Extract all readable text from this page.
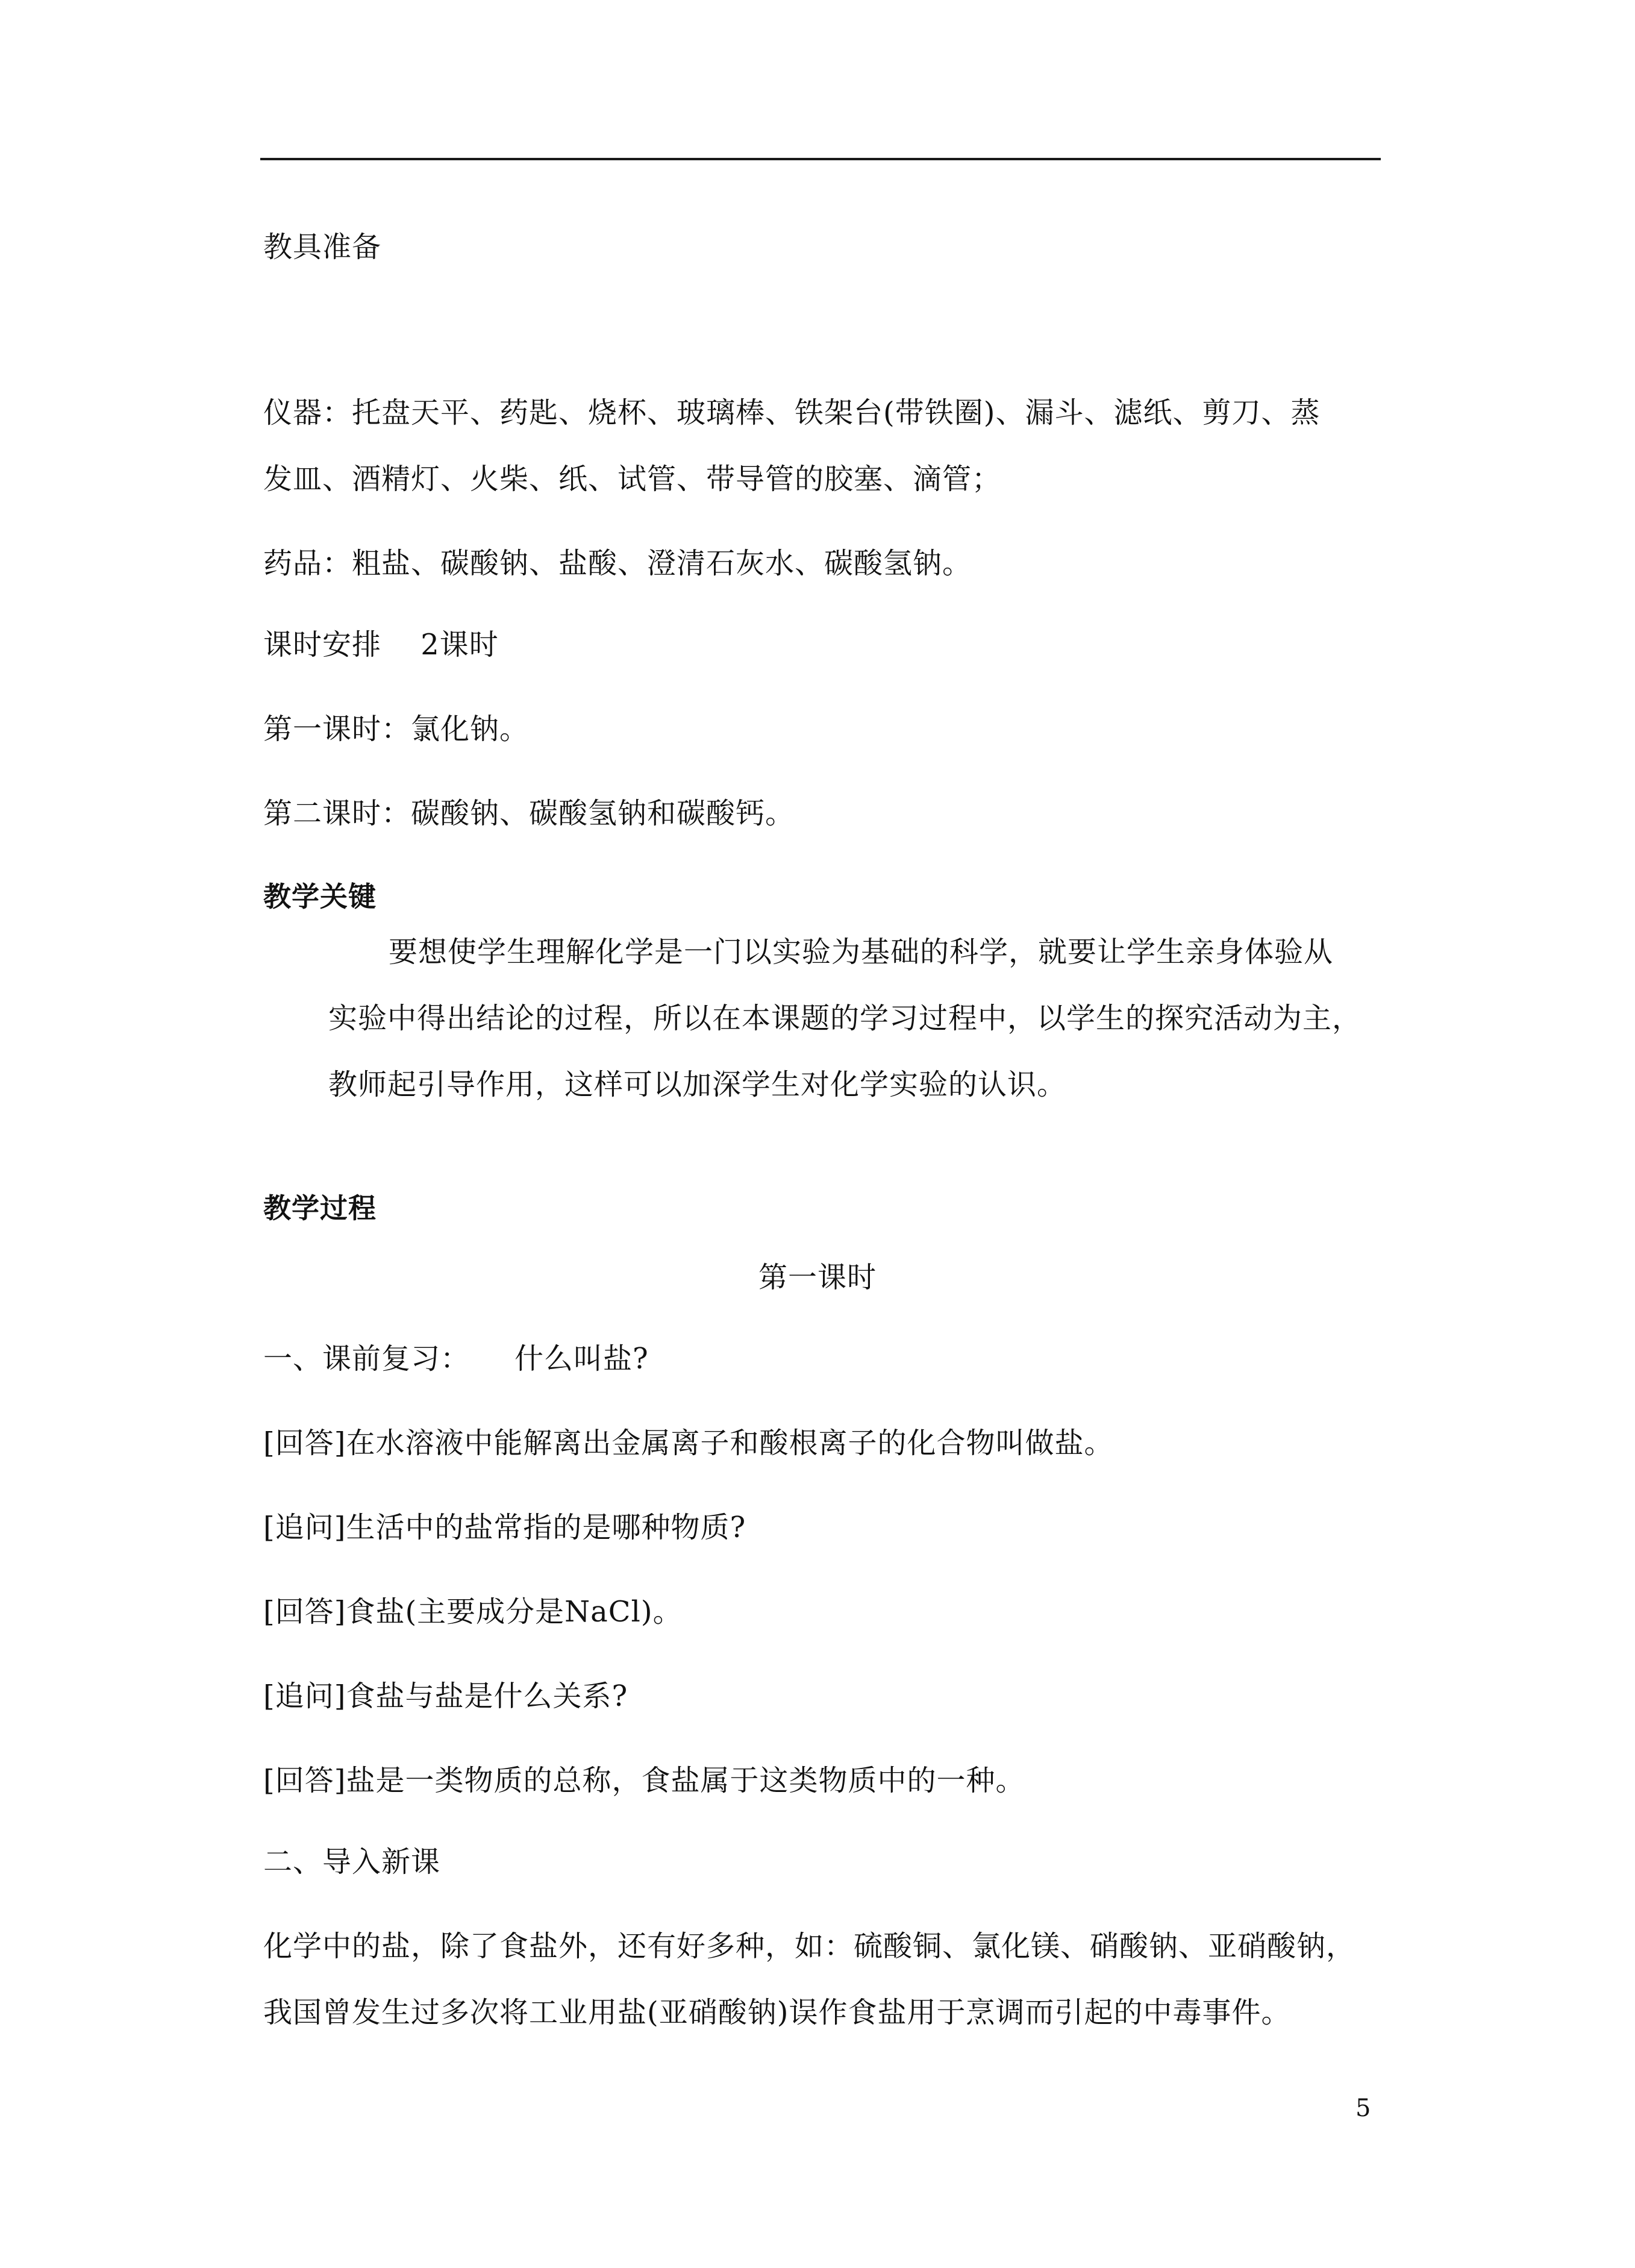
教具准备
仪器：托盘天平、药匙、烧杯、玻璃棒、铁架台(带铁圈)、漏斗、滤纸、剪刀、蒸
发皿、酒精灯、火柴、纸、试管、带导管的胶塞、滴管；
药品：粗盐、碳酸钠、盐酸、澄清石灰水、碳酸氢钠。
课时安排　 2课时
第一课时：氯化钠。
第二课时：碳酸钠、碳酸氢钠和碳酸钙。
教学关键
要想使学生理解化学是一门以实验为基础的科学，就要让学生亲身体验从
实验中得出结论的过程，所以在本课题的学习过程中，以学生的探究活动为主，
教师起引导作用，这样可以加深学生对化学实验的认识。
教学过程
第一课时
一、课前复习：　　什么叫盐?
[回答]在水溶液中能解离出金属离子和酸根离子的化合物叫做盐。
[追问]生活中的盐常指的是哪种物质?
[回答]食盐(主要成分是NaCl)。
[追问]食盐与盐是什么关系?
[回答]盐是一类物质的总称，食盐属于这类物质中的一种。
二、导入新课
化学中的盐，除了食盐外，还有好多种，如：硫酸铜、氯化镁、硝酸钠、亚硝酸钠，
我国曾发生过多次将工业用盐(亚硝酸钠)误作食盐用于烹调而引起的中毒事件。
5
